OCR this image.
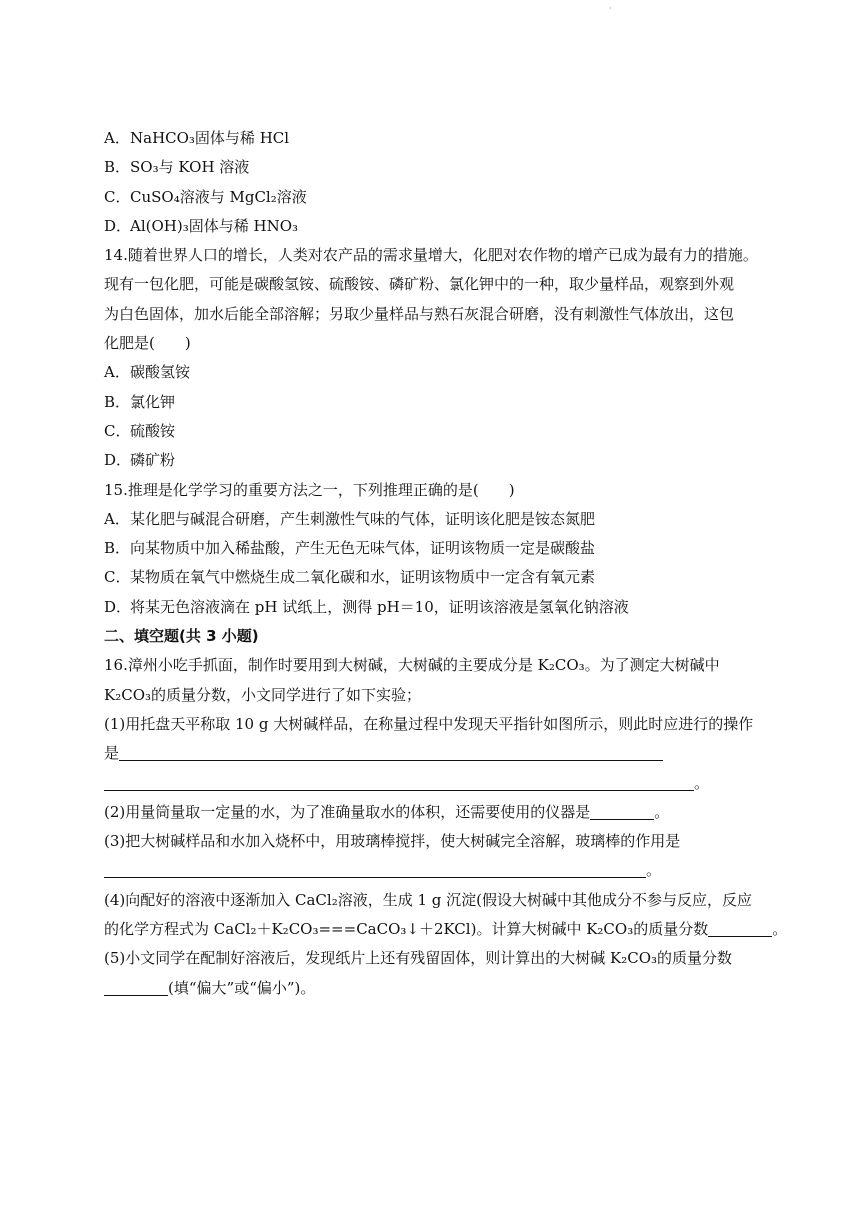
·
A．NaHCO₃固体与稀 HCl
B．SO₃与 KOH 溶液
C．CuSO₄溶液与 MgCl₂溶液
D．Al(OH)₃固体与稀 HNO₃
14.随着世界人口的增长，人类对农产品的需求量增大，化肥对农作物的增产已成为最有力的措施。
现有一包化肥，可能是碳酸氢铵、硫酸铵、磷矿粉、氯化钾中的一种，取少量样品，观察到外观
为白色固体，加水后能全部溶解；另取少量样品与熟石灰混合研磨，没有刺激性气体放出，这包
化肥是(　　)
A．碳酸氢铵
B．氯化钾
C．硫酸铵
D．磷矿粉
15.推理是化学学习的重要方法之一，下列推理正确的是(　　)
A．某化肥与碱混合研磨，产生刺激性气味的气体，证明该化肥是铵态氮肥
B．向某物质中加入稀盐酸，产生无色无味气体，证明该物质一定是碳酸盐
C．某物质在氧气中燃烧生成二氧化碳和水，证明该物质中一定含有氧元素
D．将某无色溶液滴在 pH 试纸上，测得 pH＝10，证明该溶液是氢氧化钠溶液
二、填空题(共 3 小题)
16.漳州小吃手抓面，制作时要用到大树碱，大树碱的主要成分是 K₂CO₃。为了测定大树碱中
K₂CO₃的质量分数，小文同学进行了如下实验；
(1)用托盘天平称取 10 g 大树碱样品，在称量过程中发现天平指针如图所示，则此时应进行的操作
是
。
(2)用量筒量取一定量的水，为了准确量取水的体积，还需要使用的仪器是	。
(3)把大树碱样品和水加入烧杯中，用玻璃棒搅拌，使大树碱完全溶解，玻璃棒的作用是
。
(4)向配好的溶液中逐渐加入 CaCl₂溶液，生成 1 g 沉淀(假设大树碱中其他成分不参与反应，反应
的化学方程式为 CaCl₂＋K₂CO₃===CaCO₃↓＋2KCl)。计算大树碱中 K₂CO₃的质量分数	。
(5)小文同学在配制好溶液后，发现纸片上还有残留固体，则计算出的大树碱 K₂CO₃的质量分数
(填“偏大”或“偏小”)。
